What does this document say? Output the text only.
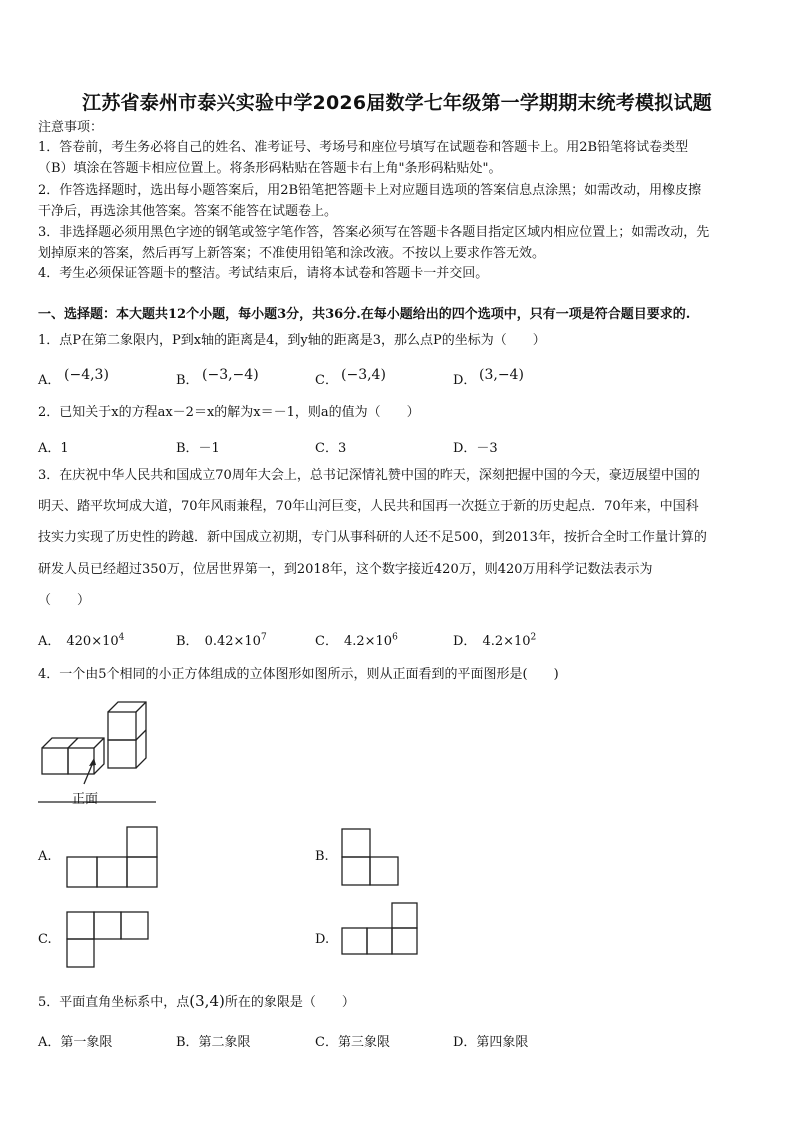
江苏省泰州市泰兴实验中学2026届数学七年级第一学期期末统考模拟试题
注意事项：
1．答卷前，考生务必将自己的姓名、准考证号、考场号和座位号填写在试题卷和答题卡上。用2B铅笔将试卷类型
（B）填涂在答题卡相应位置上。将条形码粘贴在答题卡右上角"条形码粘贴处"。
2．作答选择题时，选出每小题答案后，用2B铅笔把答题卡上对应题目选项的答案信息点涂黑；如需改动，用橡皮擦
干净后，再选涂其他答案。答案不能答在试题卷上。
3．非选择题必须用黑色字迹的钢笔或签字笔作答，答案必须写在答题卡各题目指定区域内相应位置上；如需改动，先
划掉原来的答案，然后再写上新答案；不准使用铅笔和涂改液。不按以上要求作答无效。
4．考生必须保证答题卡的整洁。考试结束后，请将本试卷和答题卡一并交回。
一、选择题：本大题共12个小题，每小题3分，共36分.在每小题给出的四个选项中，只有一项是符合题目要求的.
1．点P在第二象限内，P到x轴的距离是4，到y轴的距离是3，那么点P的坐标为（　　）
A． (−4,3)	B． (−3,−4)	C． (−3,4)	D． (3,−4)
2．已知关于x的方程ax－2＝x的解为x＝－1，则a的值为（　　）
A．1	B．－1	C．3	D．－3
3．在庆祝中华人民共和国成立70周年大会上，总书记深情礼赞中国的昨天，深刻把握中国的今天，豪迈展望中国的
明天、踏平坎坷成大道，70年风雨兼程，70年山河巨变，人民共和国再一次挺立于新的历史起点．70年来，中国科
技实力实现了历史性的跨越．新中国成立初期，专门从事科研的人还不足500，到2013年，按折合全时工作量计算的
研发人员已经超过350万，位居世界第一，到2018年，这个数字接近420万，则420万用科学记数法表示为
（　　）
A． $420\times 10^4$	B． $0.42\times 10^7$	C． $4.2\times 10^6$	D． $4.2\times 10^2$
4．一个由5个相同的小正方体组成的立体图形如图所示，则从正面看到的平面图形是(　　)
正面
A.	B.
C.	D.
5．平面直角坐标系中，点(3,4)所在的象限是（　　）
A．第一象限	B．第二象限	C．第三象限	D．第四象限
